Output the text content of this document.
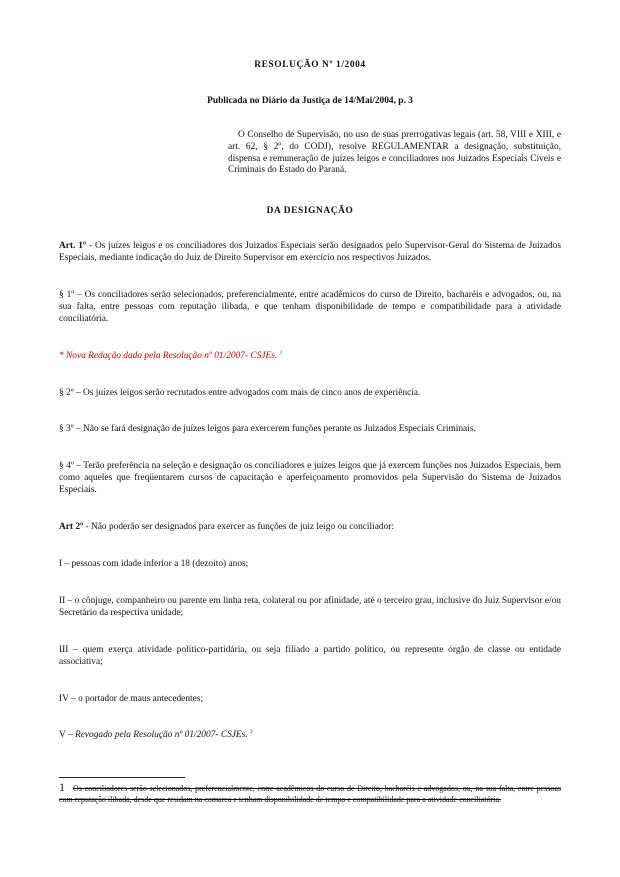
RESOLUÇÃO Nº 1/2004

Publicada no Diário da Justiça de 14/Mai/2004, p. 3

O Conselho de Supervisão, no uso de suas prerrogativas legais (art. 58, VIII e XIII, e art. 62, § 2º, do CODJ), resolve REGULAMENTAR a designação, substituição, dispensa e remuneração de juízes leigos e conciliadores nos Juizados Especiais Cíveis e Criminais do Estado do Paraná.

DA DESIGNAÇÃO

Art. 1º - Os juízes leigos e os conciliadores dos Juizados Especiais serão designados pelo Supervisor-Geral do Sistema de Juizados Especiais, mediante indicação do Juiz de Direito Supervisor em exercício nos respectivos Juizados.

§ 1º – Os conciliadores serão selecionados, preferencialmente, entre acadêmicos do curso de Direito, bacharéis e advogados, ou, na sua falta, entre pessoas com reputação ilibada, e que tenham disponibilidade de tempo e compatibilidade para a atividade conciliatória.

* Nova Redação dada pela Resolução nº 01/2007- CSJEs. $^1$

§ 2º – Os juízes leigos serão recrutados entre advogados com mais de cinco anos de experiência.

§ 3º – Não se fará designação de juízes leigos para exercerem funções perante os Juizados Especiais Criminais.

§ 4º – Terão preferência na seleção e designação os conciliadores e juízes leigos que já exercem funções nos Juizados Especiais, bem como aqueles que freqüentarem cursos de capacitação e aperfeiçoamento promovidos pela Supervisão do Sistema de Juizados Especiais.

Art 2º - Não poderão ser designados para exercer as funções de juiz leigo ou conciliador:

I – pessoas com idade inferior a 18 (dezoito) anos;

II – o cônjuge, companheiro ou parente em linha reta, colateral ou por afinidade, até o terceiro grau, inclusive do Juiz Supervisor e/ou Secretário da respectiva unidade;

III – quem exerça atividade político-partidária, ou seja filiado a partido político, ou represente órgão de classe ou entidade associativa;

IV – o portador de maus antecedentes;

V – Revogado pela Resolução nº 01/2007- CSJEs. $^2$

1 Os conciliadores serão selecionados, preferencialmente, entre acadêmicos do curso de Direito, bacharéis e advogados, ou, na sua falta, entre pessoas com reputação ilibada, desde que residam na comarca e tenham disponibilidade de tempo e compatibilidade para a atividade conciliatória.
